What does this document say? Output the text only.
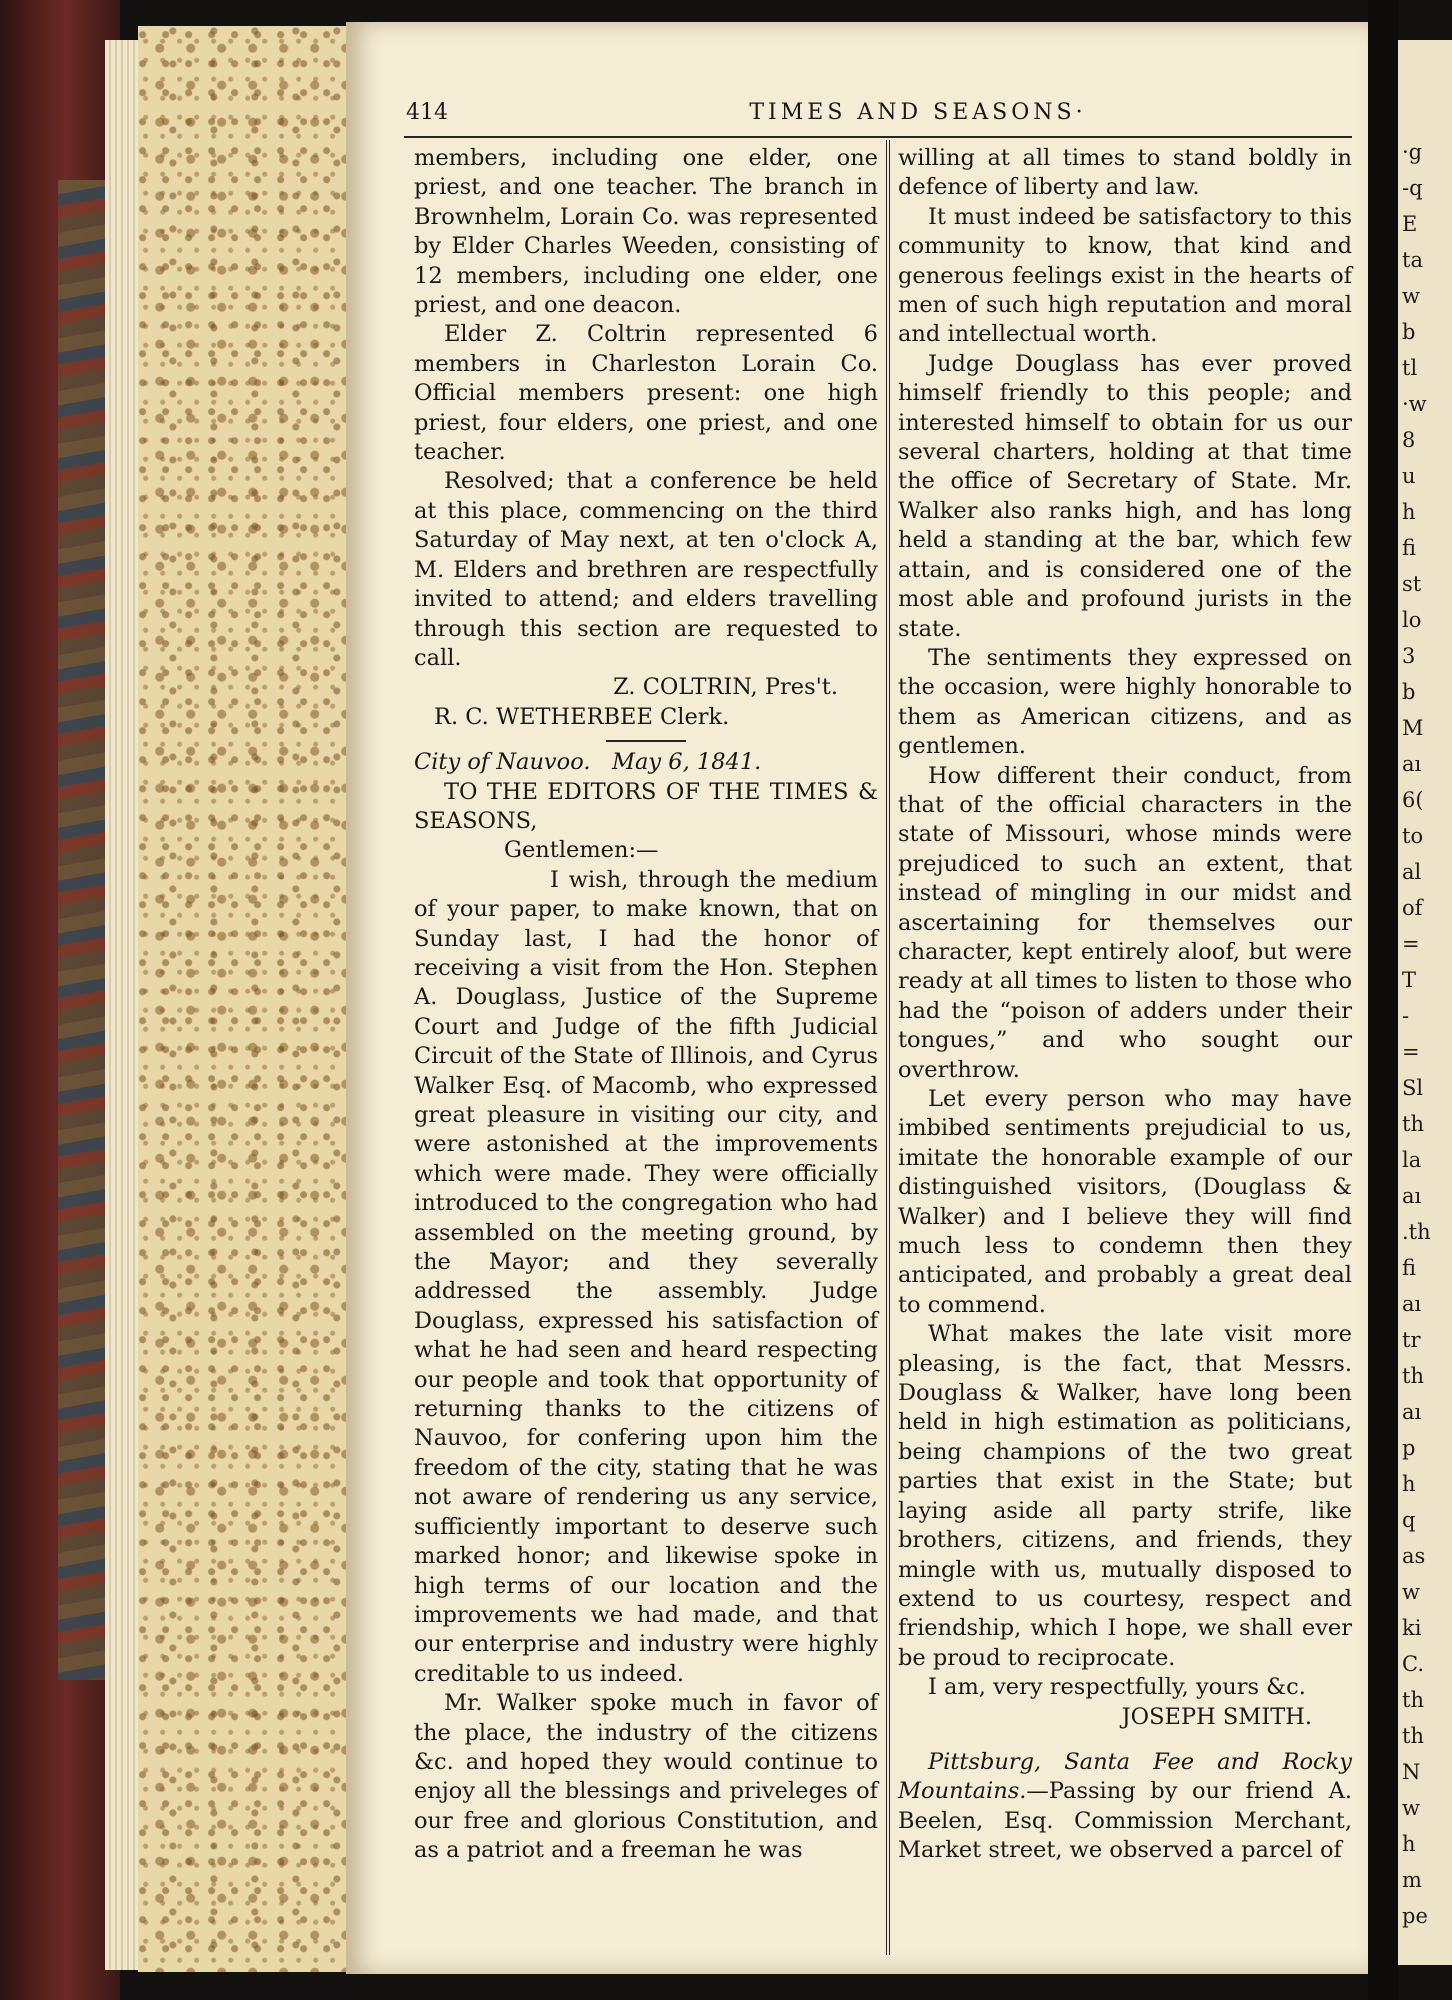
·g
-q
E
ta
w
b
tl
·w
8
u
h
fi
st
lo
3
b
M
aı
6(
to
al
of
=
T
-
=
Sl
th
la
aı
.th
fi
aı
tr
th
aı
p
h
q
as
w
ki
C.
th
th
N
w
h
m
pe
414	TIMES AND SEASONS·

members, including one elder, one priest, and one teacher. The branch in Brownhelm, Lorain Co. was represented by Elder Charles Weeden, consisting of 12 members, including one elder, one priest, and one deacon.

Elder Z. Coltrin represented 6 members in Charleston Lorain Co. Official members present: one high priest, four elders, one priest, and one teacher.

Resolved; that a conference be held at this place, commencing on the third Saturday of May next, at ten o'clock A, M. Elders and brethren are respectfully invited to attend; and elders travelling through this section are requested to call.

Z. COLTRIN, Pres't.

R. C. WETHERBEE Clerk.

City of Nauvoo. May 6, 1841.

TO THE EDITORS OF THE TIMES & SEASONS,

Gentlemen:—

I wish, through the medium of your paper, to make known, that on Sunday last, I had the honor of receiving a visit from the Hon. Stephen A. Douglass, Justice of the Supreme Court and Judge of the fifth Judicial Circuit of the State of Illinois, and Cyrus Walker Esq. of Macomb, who expressed great pleasure in visiting our city, and were astonished at the improvements which were made. They were officially introduced to the congregation who had assembled on the meeting ground, by the Mayor; and they severally addressed the assembly. Judge Douglass, expressed his satisfaction of what he had seen and heard respecting our people and took that opportunity of returning thanks to the citizens of Nauvoo, for confering upon him the freedom of the city, stating that he was not aware of rendering us any service, sufficiently important to deserve such marked honor; and likewise spoke in high terms of our location and the improvements we had made, and that our enterprise and industry were highly creditable to us indeed.

Mr. Walker spoke much in favor of the place, the industry of the citizens &c. and hoped they would continue to enjoy all the blessings and priveleges of our free and glorious Constitution, and as a patriot and a freeman he was

willing at all times to stand boldly in defence of liberty and law.

It must indeed be satisfactory to this community to know, that kind and generous feelings exist in the hearts of men of such high reputation and moral and intellectual worth.

Judge Douglass has ever proved himself friendly to this people; and interested himself to obtain for us our several charters, holding at that time the office of Secretary of State. Mr. Walker also ranks high, and has long held a standing at the bar, which few attain, and is considered one of the most able and profound jurists in the state.

The sentiments they expressed on the occasion, were highly honorable to them as American citizens, and as gentlemen.

How different their conduct, from that of the official characters in the state of Missouri, whose minds were prejudiced to such an extent, that instead of mingling in our midst and ascertaining for themselves our character, kept entirely aloof, but were ready at all times to listen to those who had the “poison of adders under their tongues,” and who sought our overthrow.

Let every person who may have imbibed sentiments prejudicial to us, imitate the honorable example of our distinguished visitors, (Douglass & Walker) and I believe they will find much less to condemn then they anticipated, and probably a great deal to commend.

What makes the late visit more pleasing, is the fact, that Messrs. Douglass & Walker, have long been held in high estimation as politicians, being champions of the two great parties that exist in the State; but laying aside all party strife, like brothers, citizens, and friends, they mingle with us, mutually disposed to extend to us courtesy, respect and friendship, which I hope, we shall ever be proud to reciprocate.

I am, very respectfully, yours &c.

JOSEPH SMITH.

Pittsburg, Santa Fee and Rocky Mountains.—Passing by our friend A. Beelen, Esq. Commission Merchant, Market street, we observed a parcel of
